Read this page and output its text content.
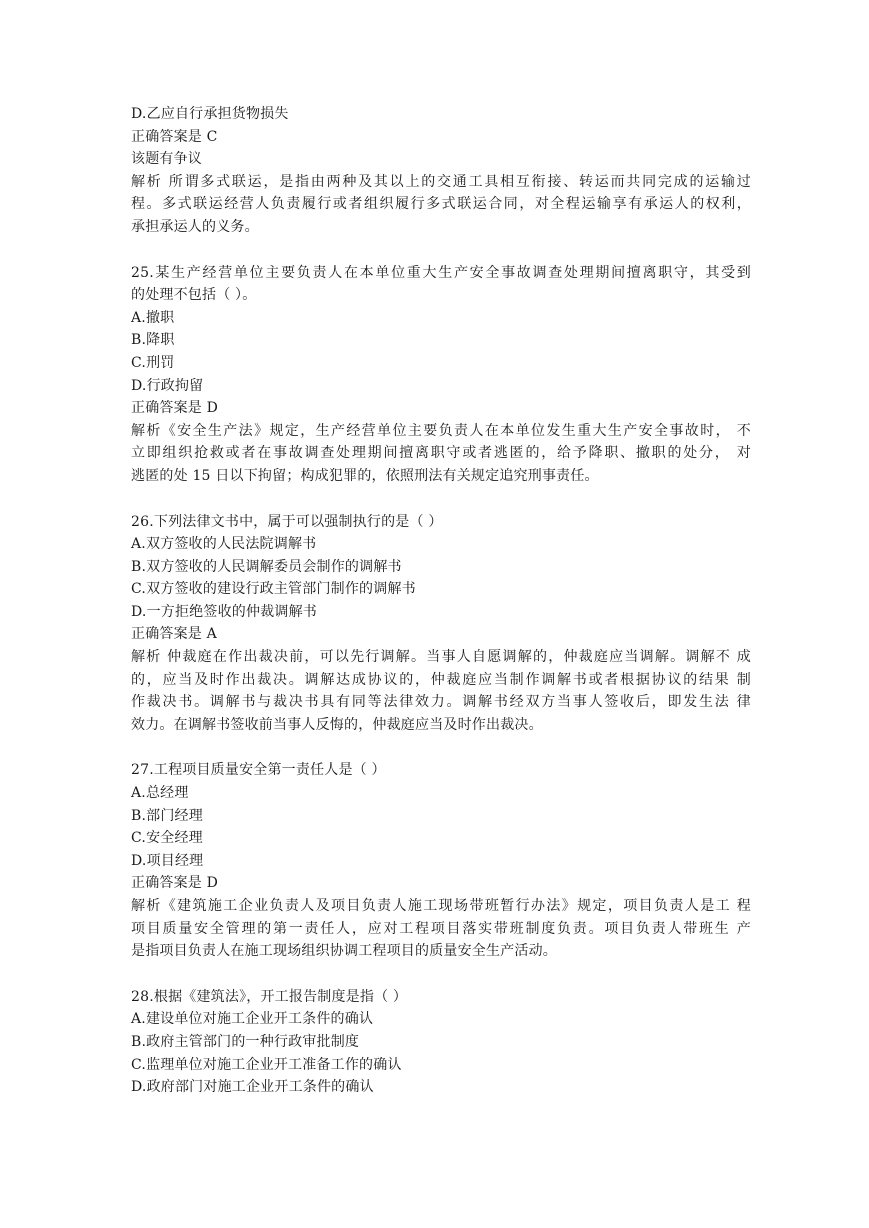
D.乙应自行承担货物损失
正确答案是 C
该题有争议
解析 所谓多式联运，是指由两种及其以上的交通工具相互衔接、转运而共同完成的运输过
程。多式联运经营人负责履行或者组织履行多式联运合同，对全程运输享有承运人的权利，
承担承运人的义务。
25.某生产经营单位主要负责人在本单位重大生产安全事故调查处理期间擅离职守，其受到
的处理不包括（ ）。
A.撤职
B.降职
C.刑罚
D.行政拘留
正确答案是 D
解析《安全生产法》规定，生产经营单位主要负责人在本单位发生重大生产安全事故时， 不
立即组织抢救或者在事故调查处理期间擅离职守或者逃匿的，给予降职、撤职的处分， 对
逃匿的处 15 日以下拘留；构成犯罪的，依照刑法有关规定追究刑事责任。
26.下列法律文书中，属于可以强制执行的是（ ）
A.双方签收的人民法院调解书
B.双方签收的人民调解委员会制作的调解书
C.双方签收的建设行政主管部门制作的调解书
D.一方拒绝签收的仲裁调解书
正确答案是 A
解析 仲裁庭在作出裁决前，可以先行调解。当事人自愿调解的，仲裁庭应当调解。调解不 成
的，应当及时作出裁决。调解达成协议的，仲裁庭应当制作调解书或者根据协议的结果 制
作裁决书。调解书与裁决书具有同等法律效力。调解书经双方当事人签收后，即发生法 律
效力。在调解书签收前当事人反悔的，仲裁庭应当及时作出裁决。
27.工程项目质量安全第一责任人是（ ）
A.总经理
B.部门经理
C.安全经理
D.项目经理
正确答案是 D
解析《建筑施工企业负责人及项目负责人施工现场带班暂行办法》规定，项目负责人是工 程
项目质量安全管理的第一责任人，应对工程项目落实带班制度负责。项目负责人带班生 产
是指项目负责人在施工现场组织协调工程项目的质量安全生产活动。
28.根据《建筑法》，开工报告制度是指（ ）
A.建设单位对施工企业开工条件的确认
B.政府主管部门的一种行政审批制度
C.监理单位对施工企业开工准备工作的确认
D.政府部门对施工企业开工条件的确认
